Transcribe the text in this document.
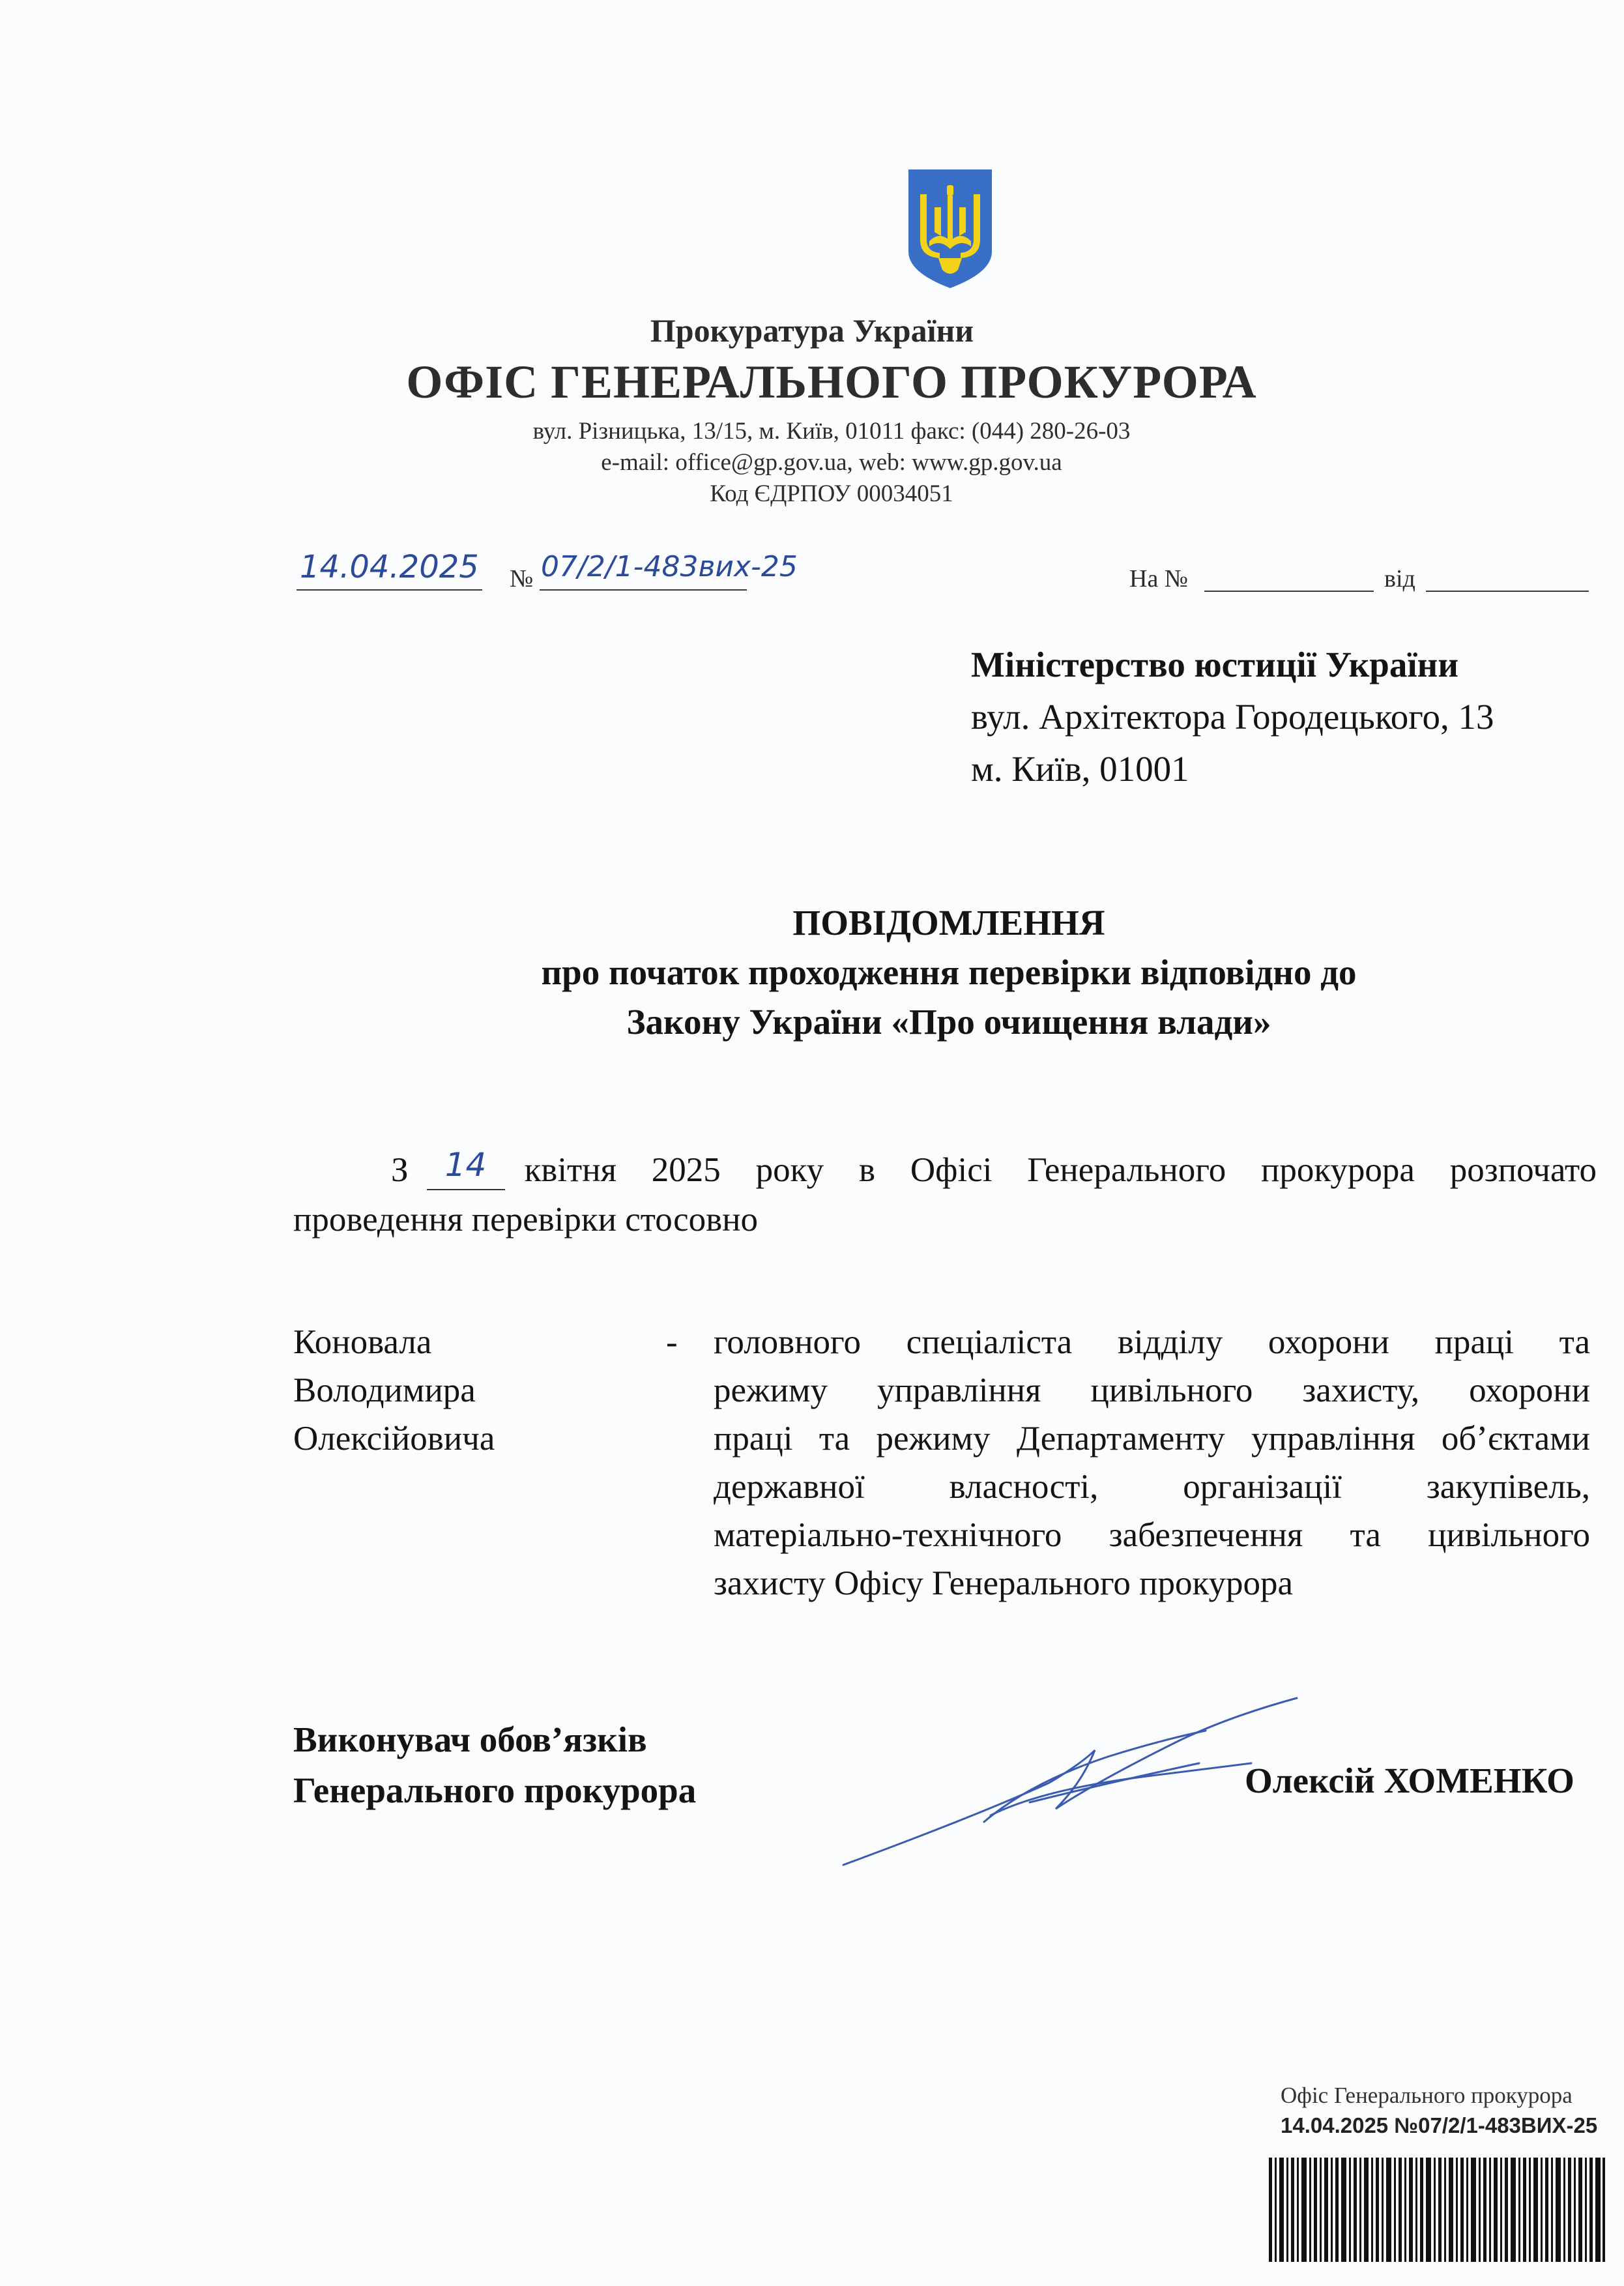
Прокуратура України
ОФІС ГЕНЕРАЛЬНОГО ПРОКУРОРА
вул. Різницька, 13/15, м. Київ, 01011 факс: (044) 280-26-03
e-mail: office@gp.gov.ua, web: www.gp.gov.ua
Код ЄДРПОУ 00034051
14.04.2025 № 07/2/1-483вих-25	На №	від
Міністерство юстиції України
вул. Архітектора Городецького, 13
м. Київ, 01001
ПОВІДОМЛЕННЯ
про початок проходження перевірки відповідно до
Закону України «Про очищення влади»
З	14	квітня 2025 року в Офісі Генерального прокурора розпочато
проведення перевірки стосовно
Коновала
Володимира
Олексійовича
- головного спеціаліста відділу охорони праці та
режиму управління цивільного захисту, охорони
праці та режиму Департаменту управління об’єктами
державної власності, організації закупівель,
матеріально-технічного забезпечення та цивільного
захисту Офісу Генерального прокурора
Виконувач обов’язків
Генерального прокурора	Олексій ХОМЕНКО
Офіс Генерального прокурора
14.04.2025 №07/2/1-483ВИХ-25
